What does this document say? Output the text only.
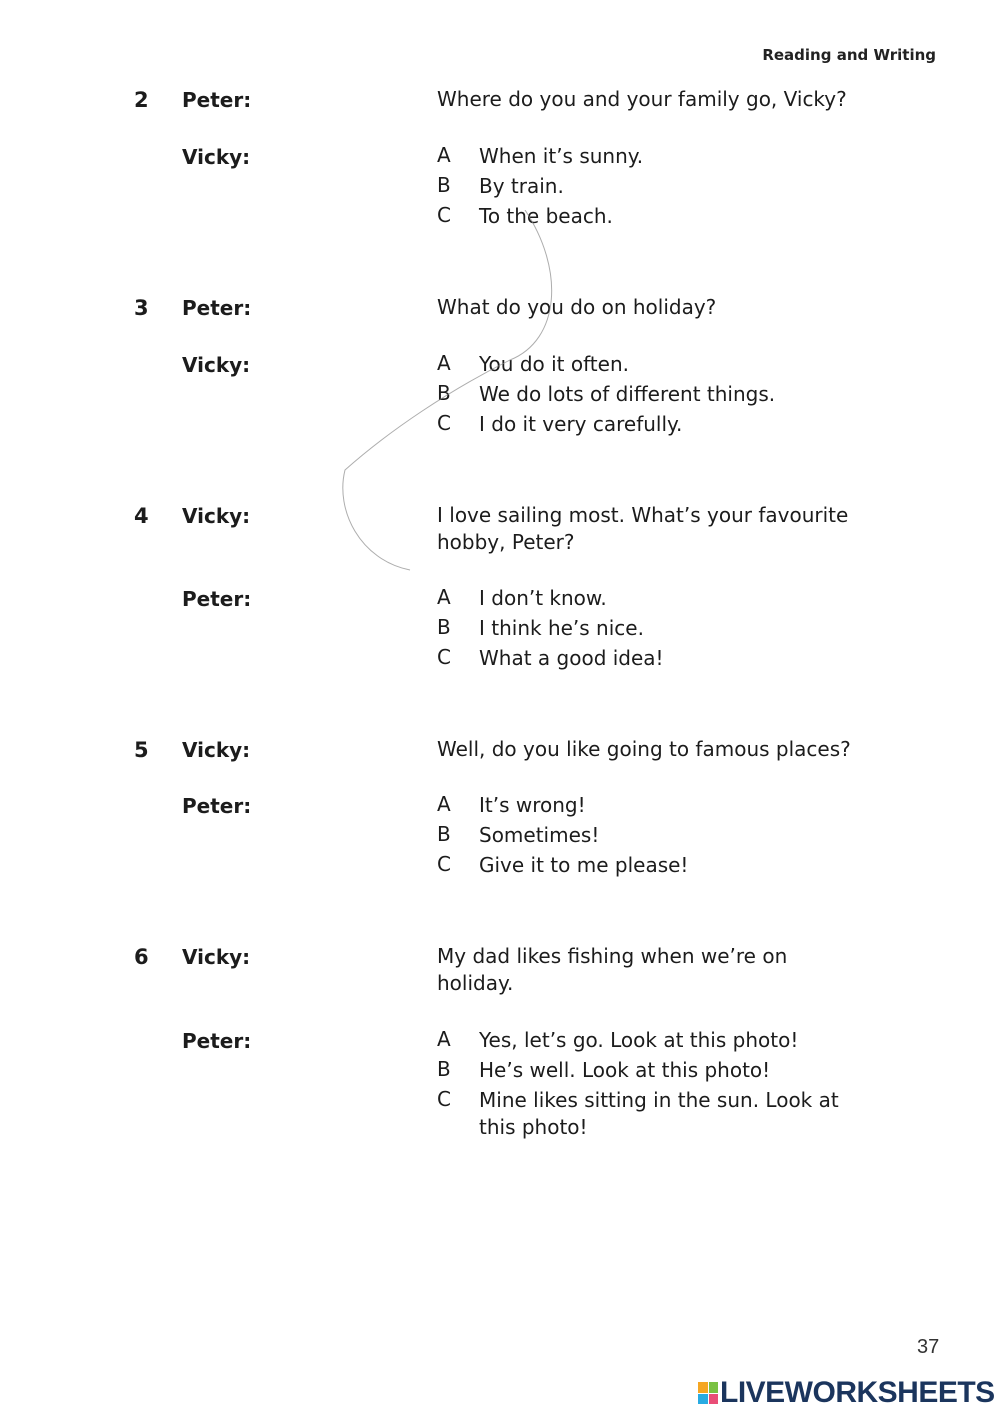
Reading and Writing
2 Peter:	Where do you and your family go, Vicky?
Vicky:	A When it’s sunny.
B By train.
C To the beach.
3 Peter:	What do you do on holiday?
Vicky:	A You do it often.
B We do lots of different things.
C I do it very carefully.
4 Vicky:	I love sailing most. What’s your favourite hobby, Peter?
Peter:	A I don’t know.
B I think he’s nice.
C What a good idea!
5 Vicky:	Well, do you like going to famous places?
Peter:	A It’s wrong!
B Sometimes!
C Give it to me please!
6 Vicky:	My dad likes fishing when we’re on holiday.
Peter:	A Yes, let’s go. Look at this photo!
B He’s well. Look at this photo!
C Mine likes sitting in the sun. Look at this photo!
37
LIVEWORKSHEETS
